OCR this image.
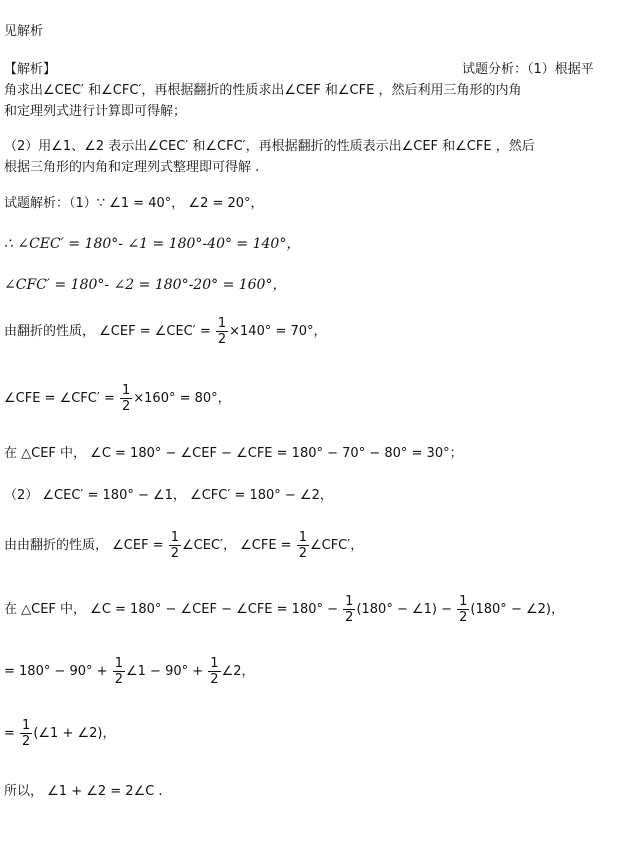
见解析
【解析】	试题分析：（1）根据平
角求出∠CEC′ 和∠CFC′，再根据翻折的性质求出∠CEF 和∠CFE ，然后利用三角形的内角
和定理列式进行计算即可得解；
（2）用∠1、∠2 表示出∠CEC′ 和∠CFC′，再根据翻折的性质表示出∠CEF 和∠CFE ，然后
根据三角形的内角和定理列式整理即可得解 .
试题解析：（1）∵ ∠1 = 40°， ∠2 = 20°，
∴ ∠CEC′ = 180°- ∠1 = 180°-40° = 140°，
∠CFC′ = 180°- ∠2 = 180°-20° = 160°，
由翻折的性质， ∠CEF = ∠CEC′ = $\frac{1}{2} \times 140^\circ = 70^\circ$，
∠CFE = ∠CFC′ = $\frac{1}{2} \times 160^\circ = 80^\circ$，
在 △CEF 中， ∠C = 180° − ∠CEF − ∠CFE = 180° − 70° − 80° = 30°；
（2） ∠CEC′ = 180° − ∠1， ∠CFC′ = 180° − ∠2，
由由翻折的性质， ∠CEF = $\frac{1}{2}$ ∠CEC′， ∠CFE = $\frac{1}{2}$ ∠CFC′，
在 △CEF 中， ∠C = 180° − ∠CEF − ∠CFE = $180^\circ - \frac{1}{2} (180^\circ$ − ∠1) − $\frac{1}{2} (180^\circ$ − ∠2)，
= $180^\circ - 90^\circ + \frac{1}{2}$ ∠1 − $90^\circ + \frac{1}{2}$ ∠2，
= $\frac{1}{2}$ (∠1 + ∠2)，
所以， ∠1 + ∠2 = 2∠C .
